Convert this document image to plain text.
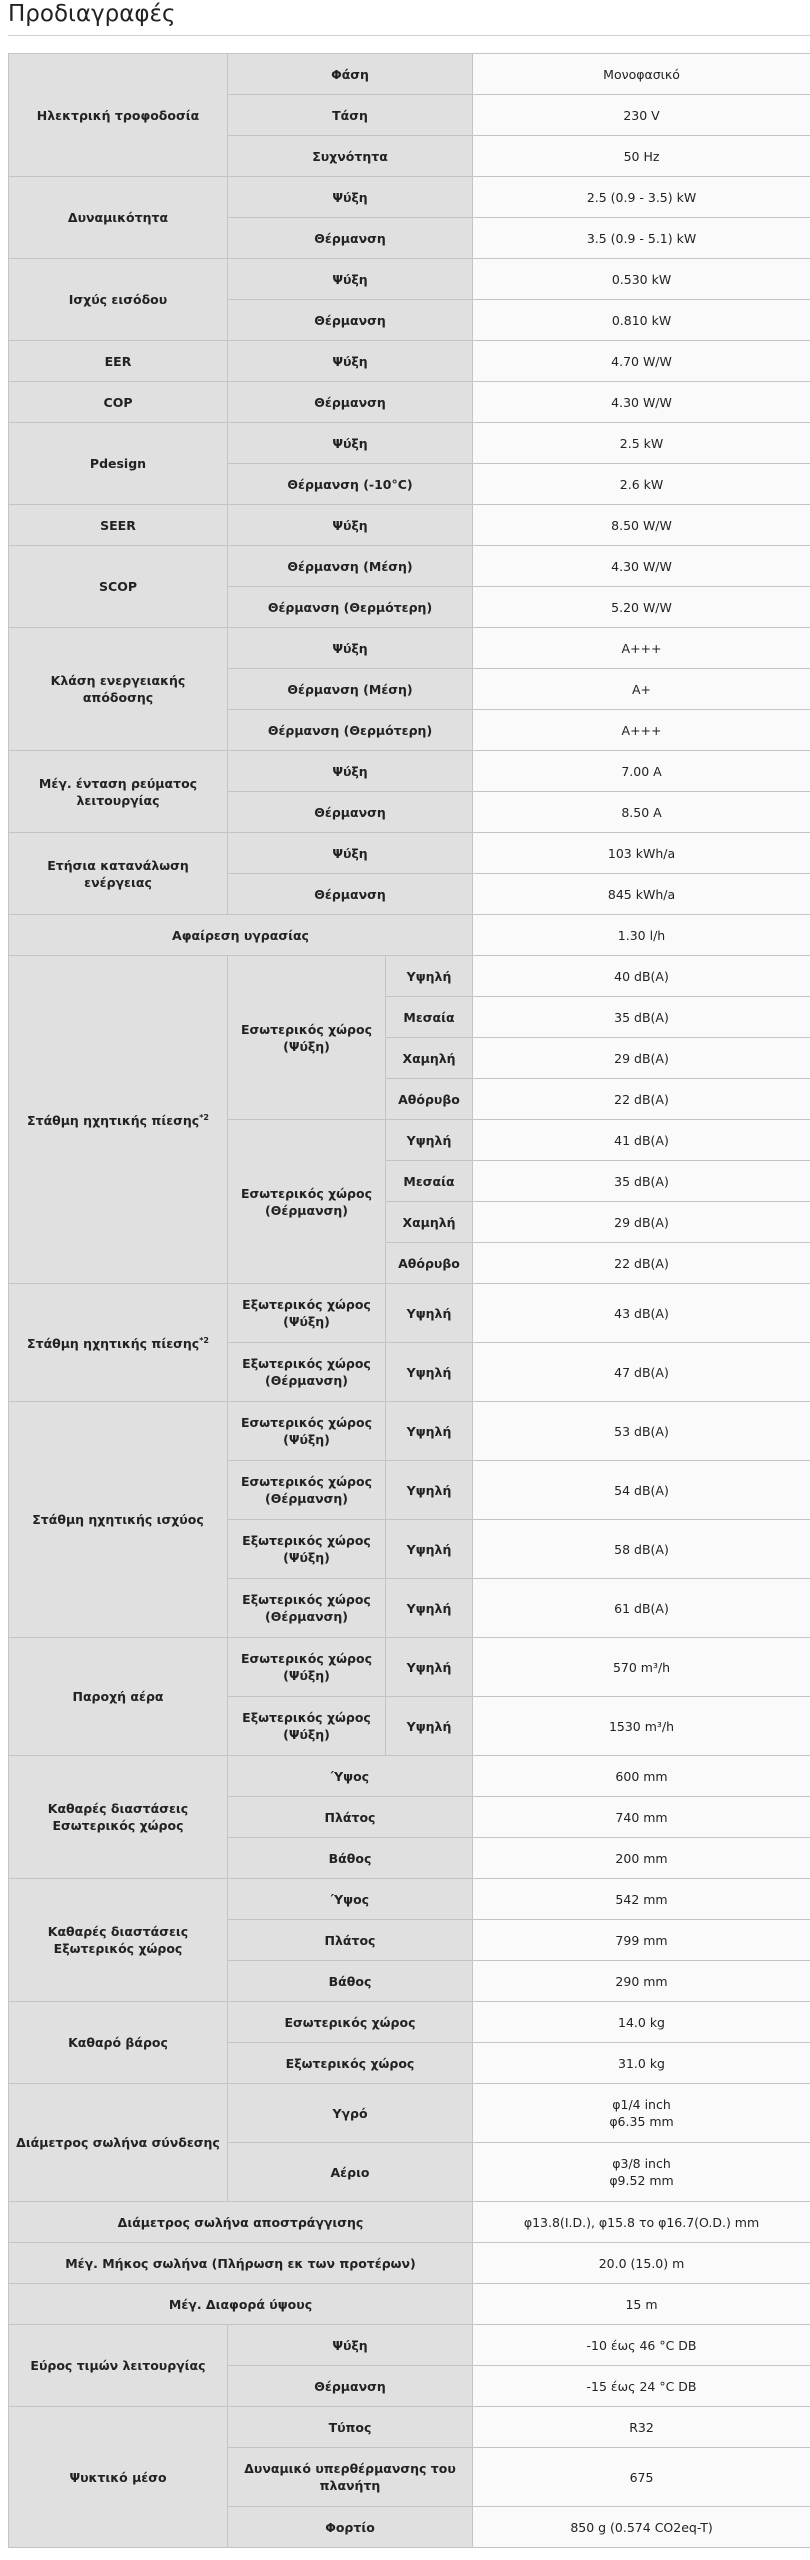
Προδιαγραφές
Ηλεκτρική τροφοδοσία	Φάση		Μονοφασικό
	Τάση		230 V
	Συχνότητα		50 Hz
Δυναμικότητα	Ψύξη		2.5 (0.9 - 3.5) kW
	Θέρμανση		3.5 (0.9 - 5.1) kW
Ισχύς εισόδου	Ψύξη		0.530 kW
	Θέρμανση		0.810 kW
EER	Ψύξη		4.70 W/W
COP	Θέρμανση		4.30 W/W
Pdesign	Ψύξη		2.5 kW
	Θέρμανση (-10°C)		2.6 kW
SEER	Ψύξη		8.50 W/W
SCOP	Θέρμανση (Μέση)		4.30 W/W
	Θέρμανση (Θερμότερη)		5.20 W/W
Κλάση ενεργειακής απόδοσης	Ψύξη		A+++
	Θέρμανση (Μέση)		A+
	Θέρμανση (Θερμότερη)		A+++
Μέγ. ένταση ρεύματος λειτουργίας	Ψύξη		7.00 A
	Θέρμανση		8.50 A
Ετήσια κατανάλωση ενέργειας	Ψύξη		103 kWh/a
	Θέρμανση		845 kWh/a
Αφαίρεση υγρασίας			1.30 l/h
Στάθμη ηχητικής πίεσης$^{*2}$	Εσωτερικός χώρος (Ψύξη)	Υψηλή	40 dB(A)
		Μεσαία	35 dB(A)
		Χαμηλή	29 dB(A)
		Αθόρυβο	22 dB(A)
	Εσωτερικός χώρος (Θέρμανση)	Υψηλή	41 dB(A)
		Μεσαία	35 dB(A)
		Χαμηλή	29 dB(A)
		Αθόρυβο	22 dB(A)
Στάθμη ηχητικής πίεσης$^{*2}$	Εξωτερικός χώρος (Ψύξη)	Υψηλή	43 dB(A)
	Εξωτερικός χώρος (Θέρμανση)	Υψηλή	47 dB(A)
Στάθμη ηχητικής ισχύος	Εσωτερικός χώρος (Ψύξη)	Υψηλή	53 dB(A)
	Εσωτερικός χώρος (Θέρμανση)	Υψηλή	54 dB(A)
	Εξωτερικός χώρος (Ψύξη)	Υψηλή	58 dB(A)
	Εξωτερικός χώρος (Θέρμανση)	Υψηλή	61 dB(A)
Παροχή αέρα	Εσωτερικός χώρος (Ψύξη)	Υψηλή	570 m³/h
	Εξωτερικός χώρος (Ψύξη)	Υψηλή	1530 m³/h
Καθαρές διαστάσεις Εσωτερικός χώρος	Ύψος		600 mm
	Πλάτος		740 mm
	Βάθος		200 mm
Καθαρές διαστάσεις Εξωτερικός χώρος	Ύψος		542 mm
	Πλάτος		799 mm
	Βάθος		290 mm
Καθαρό βάρος	Εσωτερικός χώρος		14.0 kg
	Εξωτερικός χώρος		31.0 kg
Διάμετρος σωλήνα σύνδεσης	Υγρό		φ1/4 inch
φ6.35 mm
	Αέριο		φ3/8 inch
φ9.52 mm
Διάμετρος σωλήνα αποστράγγισης			φ13.8(I.D.), φ15.8 το φ16.7(O.D.) mm
Μέγ. Μήκος σωλήνα (Πλήρωση εκ των προτέρων)			20.0 (15.0) m
Μέγ. Διαφορά ύψους			15 m
Εύρος τιμών λειτουργίας	Ψύξη		-10 έως 46 °C DB
	Θέρμανση		-15 έως 24 °C DB
Ψυκτικό μέσο	Τύπος		R32
	Δυναμικό υπερθέρμανσης του πλανήτη		675
	Φορτίο		850 g (0.574 CO2eq-T)
